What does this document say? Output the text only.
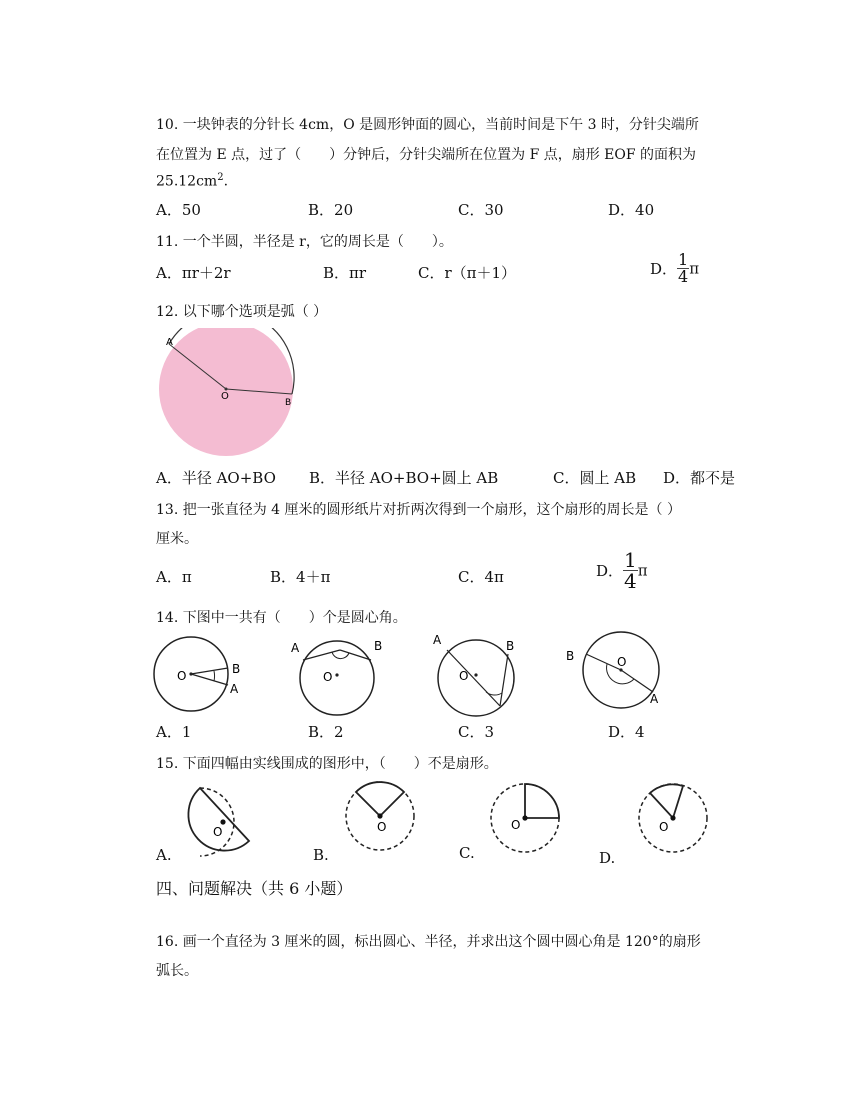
10. 一块钟表的分针长 4cm，O 是圆形钟面的圆心，当前时间是下午 3 时，分针尖端所
在位置为 E 点，过了（　　）分钟后，分针尖端所在位置为 F 点，扇形 EOF 的面积为
$25.12cm^2$.
A．50	B．20	C．30	D．40
11. 一个半圆，半径是 r，它的周长是（　　）。
A．πr＋2r	B．πr	C．r（π＋1）	D． $\frac{1}{4}$ π
12. 以下哪个选项是弧（ ）
A
O
B
A．半径 AO+BO B．半径 AO+BO+圆上 AB	C．圆上 AB D．都不是
13. 把一张直径为 4 厘米的圆形纸片对折两次得到一个扇形，这个扇形的周长是（ ）
厘米。
A．π	B．4＋π	C．4π	D． $\frac{1}{4}$ π
14. 下图中一共有（　　）个是圆心角。
O	B
A
O
A	B
O
A	B
O
B
A
A．1	B．2	C．3	D．4
15. 下面四幅由实线围成的图形中，（　　）不是扇形。
O	O	O	O
A.	B.	C.	D.
四、问题解决（共 6 小题）
16. 画一个直径为 3 厘米的圆，标出圆心、半径，并求出这个圆中圆心角是 120°的扇形
弧长。
